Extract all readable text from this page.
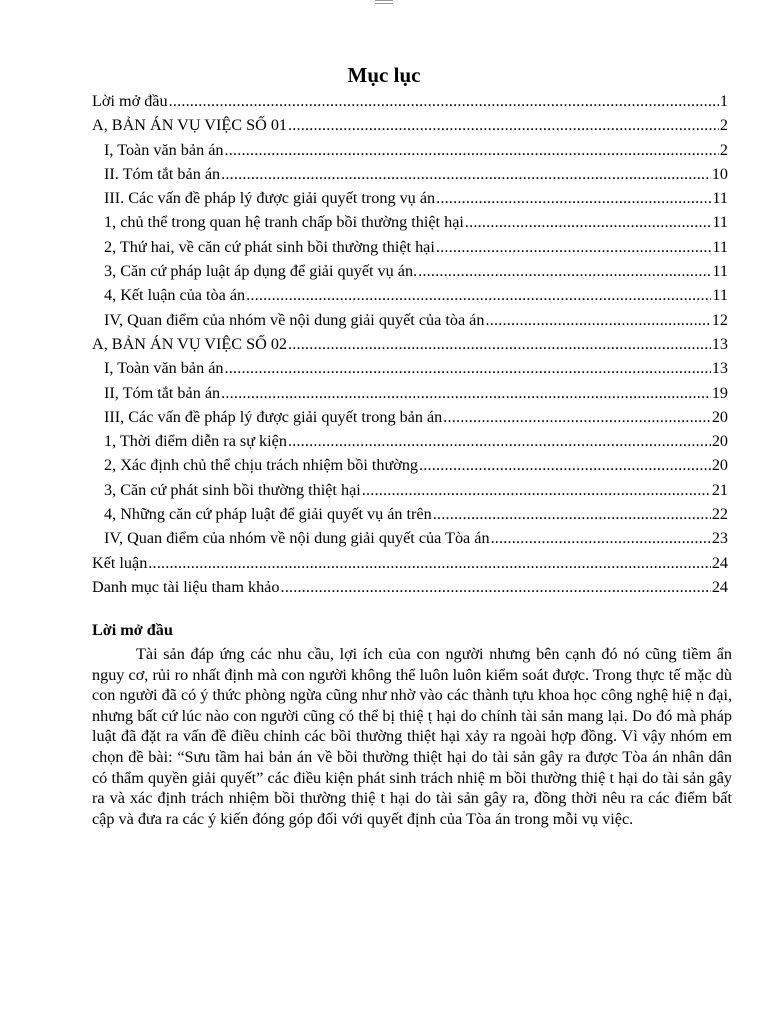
Mục lục
Lời mở đầu .....	1
A, BẢN ÁN VỤ VIỆC SỐ 01 .....	2
I, Toàn văn bản án .....	2
II. Tóm tắt bản án .....	10
III. Các vấn đề pháp lý được giải quyết trong vụ án .....	11
1, chủ thể trong quan hệ tranh chấp bồi thường thiệt hại .....	11
2, Thứ hai, về căn cứ phát sinh bồi thường thiệt hại .....	11
3, Căn cứ pháp luật áp dụng để giải quyết vụ án. .....	11
4, Kết luận của tòa án .....	11
IV, Quan điểm của nhóm về nội dung giải quyết của tòa án .....	12
A, BẢN ÁN VỤ VIỆC SỐ 02 .....	13
I, Toàn văn bản án .....	13
II, Tóm tắt bản án .....	19
III, Các vấn đề pháp lý được giải quyết trong bản án .....	20
1, Thời điểm diễn ra sự kiện .....	20
2, Xác định chủ thể chịu trách nhiệm bồi thường .....	20
3, Căn cứ phát sinh bồi thường thiệt hại .....	21
4, Những căn cứ pháp luật để giải quyết vụ án trên .....	22
IV, Quan điểm của nhóm về nội dung giải quyết của Tòa án .....	23
Kết luận .....	24
Danh mục tài liệu tham khảo .....	24

Lời mở đầu

Tài sản đáp ứng các nhu cầu, lợi ích của con người nhưng bên cạnh đó nó cũng tiềm ẩn nguy cơ, rủi ro nhất định mà con người không thể luôn luôn kiểm soát được. Trong thực tế mặc dù con người đã có ý thức phòng ngừa cũng như nhờ vào các thành tựu khoa học công nghệ hiệ n đại, nhưng bất cứ lúc nào con người cũng có thể bị thiệ ṭ hại do chính tài sản mang lại. Do đó mà pháp luật đã đặt ra vấn đề điều chỉnh các bồi thường thiệt hại xảy ra ngoài hợp đồng. Vì vậy nhóm em chọn đề bài: “Sưu tầm hai bản án về bồi thường thiệt hại do tài sản gây ra được Tòa án nhân dân có thẩm quyền giải quyết” các điều kiện phát sinh trách nhiệ m bồi thường thiệ t hại do tài sản gây ra và xác định trách nhiệm bồi thường thiệ t hại do tài sản gây ra, đồng thời nêu ra các điểm bất cập và đưa ra các ý kiến đóng góp đối với quyết định của Tòa án trong mỗi vụ việc.
